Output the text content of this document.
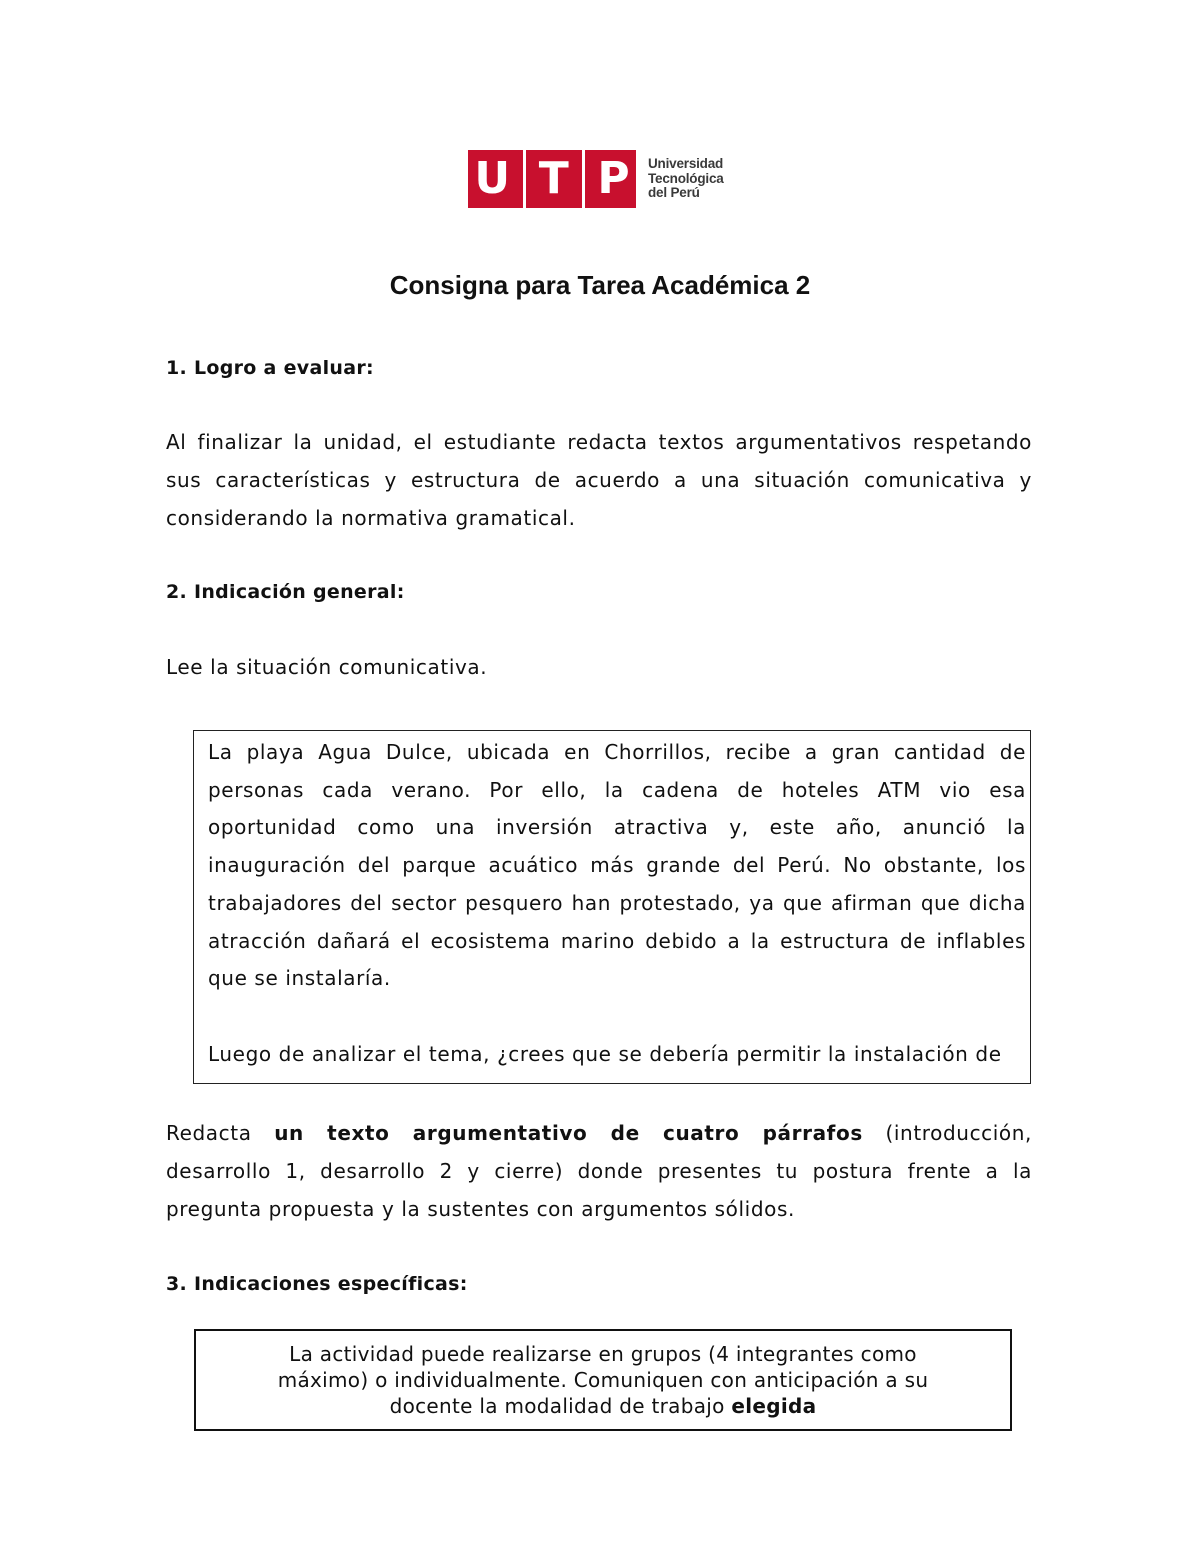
U T P Universidad
Tecnológica
del Perú
Consigna para Tarea Académica 2
1. Logro a evaluar:

Al finalizar la unidad, el estudiante redacta textos argumentativos respetando sus características y estructura de acuerdo a una situación comunicativa y considerando la normativa gramatical.

2. Indicación general:

Lee la situación comunicativa.

La playa Agua Dulce, ubicada en Chorrillos, recibe a gran cantidad de personas cada verano. Por ello, la cadena de hoteles ATM vio esa oportunidad como una inversión atractiva y, este año, anunció la inauguración del parque acuático más grande del Perú. No obstante, los trabajadores del sector pesquero han protestado, ya que afirman que dicha atracción dañará el ecosistema marino debido a la estructura de inflables que se instalaría.

Luego de analizar el tema, ¿crees que se debería permitir la instalación de

Redacta un texto argumentativo de cuatro párrafos (introducción, desarrollo 1, desarrollo 2 y cierre) donde presentes tu postura frente a la pregunta propuesta y la sustentes con argumentos sólidos.

3. Indicaciones específicas:

La actividad puede realizarse en grupos (4 integrantes como máximo) o individualmente. Comuniquen con anticipación a su docente la modalidad de trabajo elegida
